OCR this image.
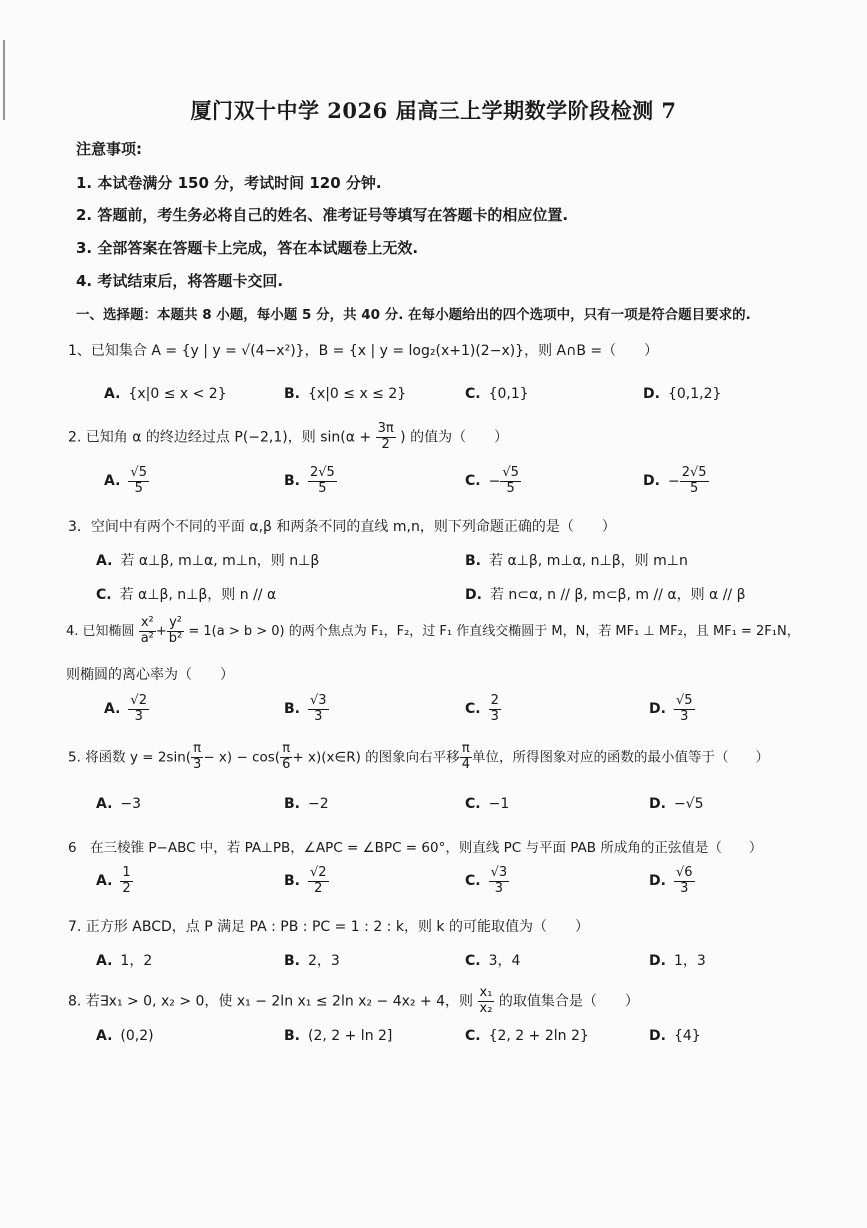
厦门双十中学 2026 届高三上学期数学阶段检测 7
注意事项:
1. 本试卷满分 150 分，考试时间 120 分钟.
2. 答题前，考生务必将自己的姓名、准考证号等填写在答题卡的相应位置.
3. 全部答案在答题卡上完成，答在本试题卷上无效.
4. 考试结束后，将答题卡交回.
一、选择题：本题共 8 小题，每小题 5 分，共 40 分. 在每小题给出的四个选项中，只有一项是符合题目要求的.
1、已知集合 A = {y | y = √(4−x²)}，B = {x | y = log₂(x+1)(2−x)}，则 A∩B =（　　）
A. {x|0 ≤ x < 2}	B. {x|0 ≤ x ≤ 2}	C. {0,1}	D. {0,1,2}
2. 已知角 α 的终边经过点 P(−2,1)，则 $\sin(\alpha + \frac{3\pi}{2}$ ) 的值为（　　）
A. $\frac{√5}{5}$	B. $\frac{2√5}{5}$	C. − $\frac{√5}{5}$	D. − $\frac{2√5}{5}$
3．空间中有两个不同的平面 α,β 和两条不同的直线 m,n，则下列命题正确的是（　　）
A. 若 α⊥β, m⊥α, m⊥n，则 n⊥β	B. 若 α⊥β, m⊥α, n⊥β，则 m⊥n
C. 若 α⊥β, n⊥β，则 n // α	D. 若 n⊂α, n // β, m⊂β, m // α，则 α // β
4. 已知椭圆 $\frac{\text{x²}}{\text{a²}} + \frac{\text{y²}}{\text{b²}} = 1(a > b > 0)$ 的两个焦点为 F₁，F₂，过 F₁ 作直线交椭圆于 M，N，若 MF₁ ⊥ MF₂，且 MF₁ = 2F₁N，
则椭圆的离心率为（　　）
A. $\frac{√2}{3}$	B. $\frac{√3}{3}$	C. $\frac{2}{3}$	D. $\frac{√5}{3}$
5. 将函数 $y = 2\sin( \frac{\pi}{3} - x) - \cos( \frac{\pi}{6}$ + x)(x∈R) 的图象向右平移 $\frac{\pi}{4}$ 单位，所得图象对应的函数的最小值等于（　　）
A. −3	B. −2	C. −1	D. −√5
6　在三棱锥 P−ABC 中，若 PA⊥PB，∠APC = ∠BPC = 60°，则直线 PC 与平面 PAB 所成角的正弦值是（　　）
A. $\frac{1}{2}$	B. $\frac{√2}{2}$	C. $\frac{√3}{3}$	D. $\frac{√6}{3}$
7. 正方形 ABCD，点 P 满足 PA : PB : PC = 1 : 2 : k，则 k 的可能取值为（　　）
A. 1，2	B. 2，3	C. 3，4	D. 1，3
8. 若∃x₁ > 0, x₂ > 0，使 x₁ − 2ln x₁ ≤ 2ln x₂ − 4x₂ + 4，则 $\frac{\text{x₁}}{\text{x₂}}$ 的取值集合是（　　）
A. (0,2)	B. (2, 2 + ln 2]	C. {2, 2 + 2ln 2}	D. {4}
